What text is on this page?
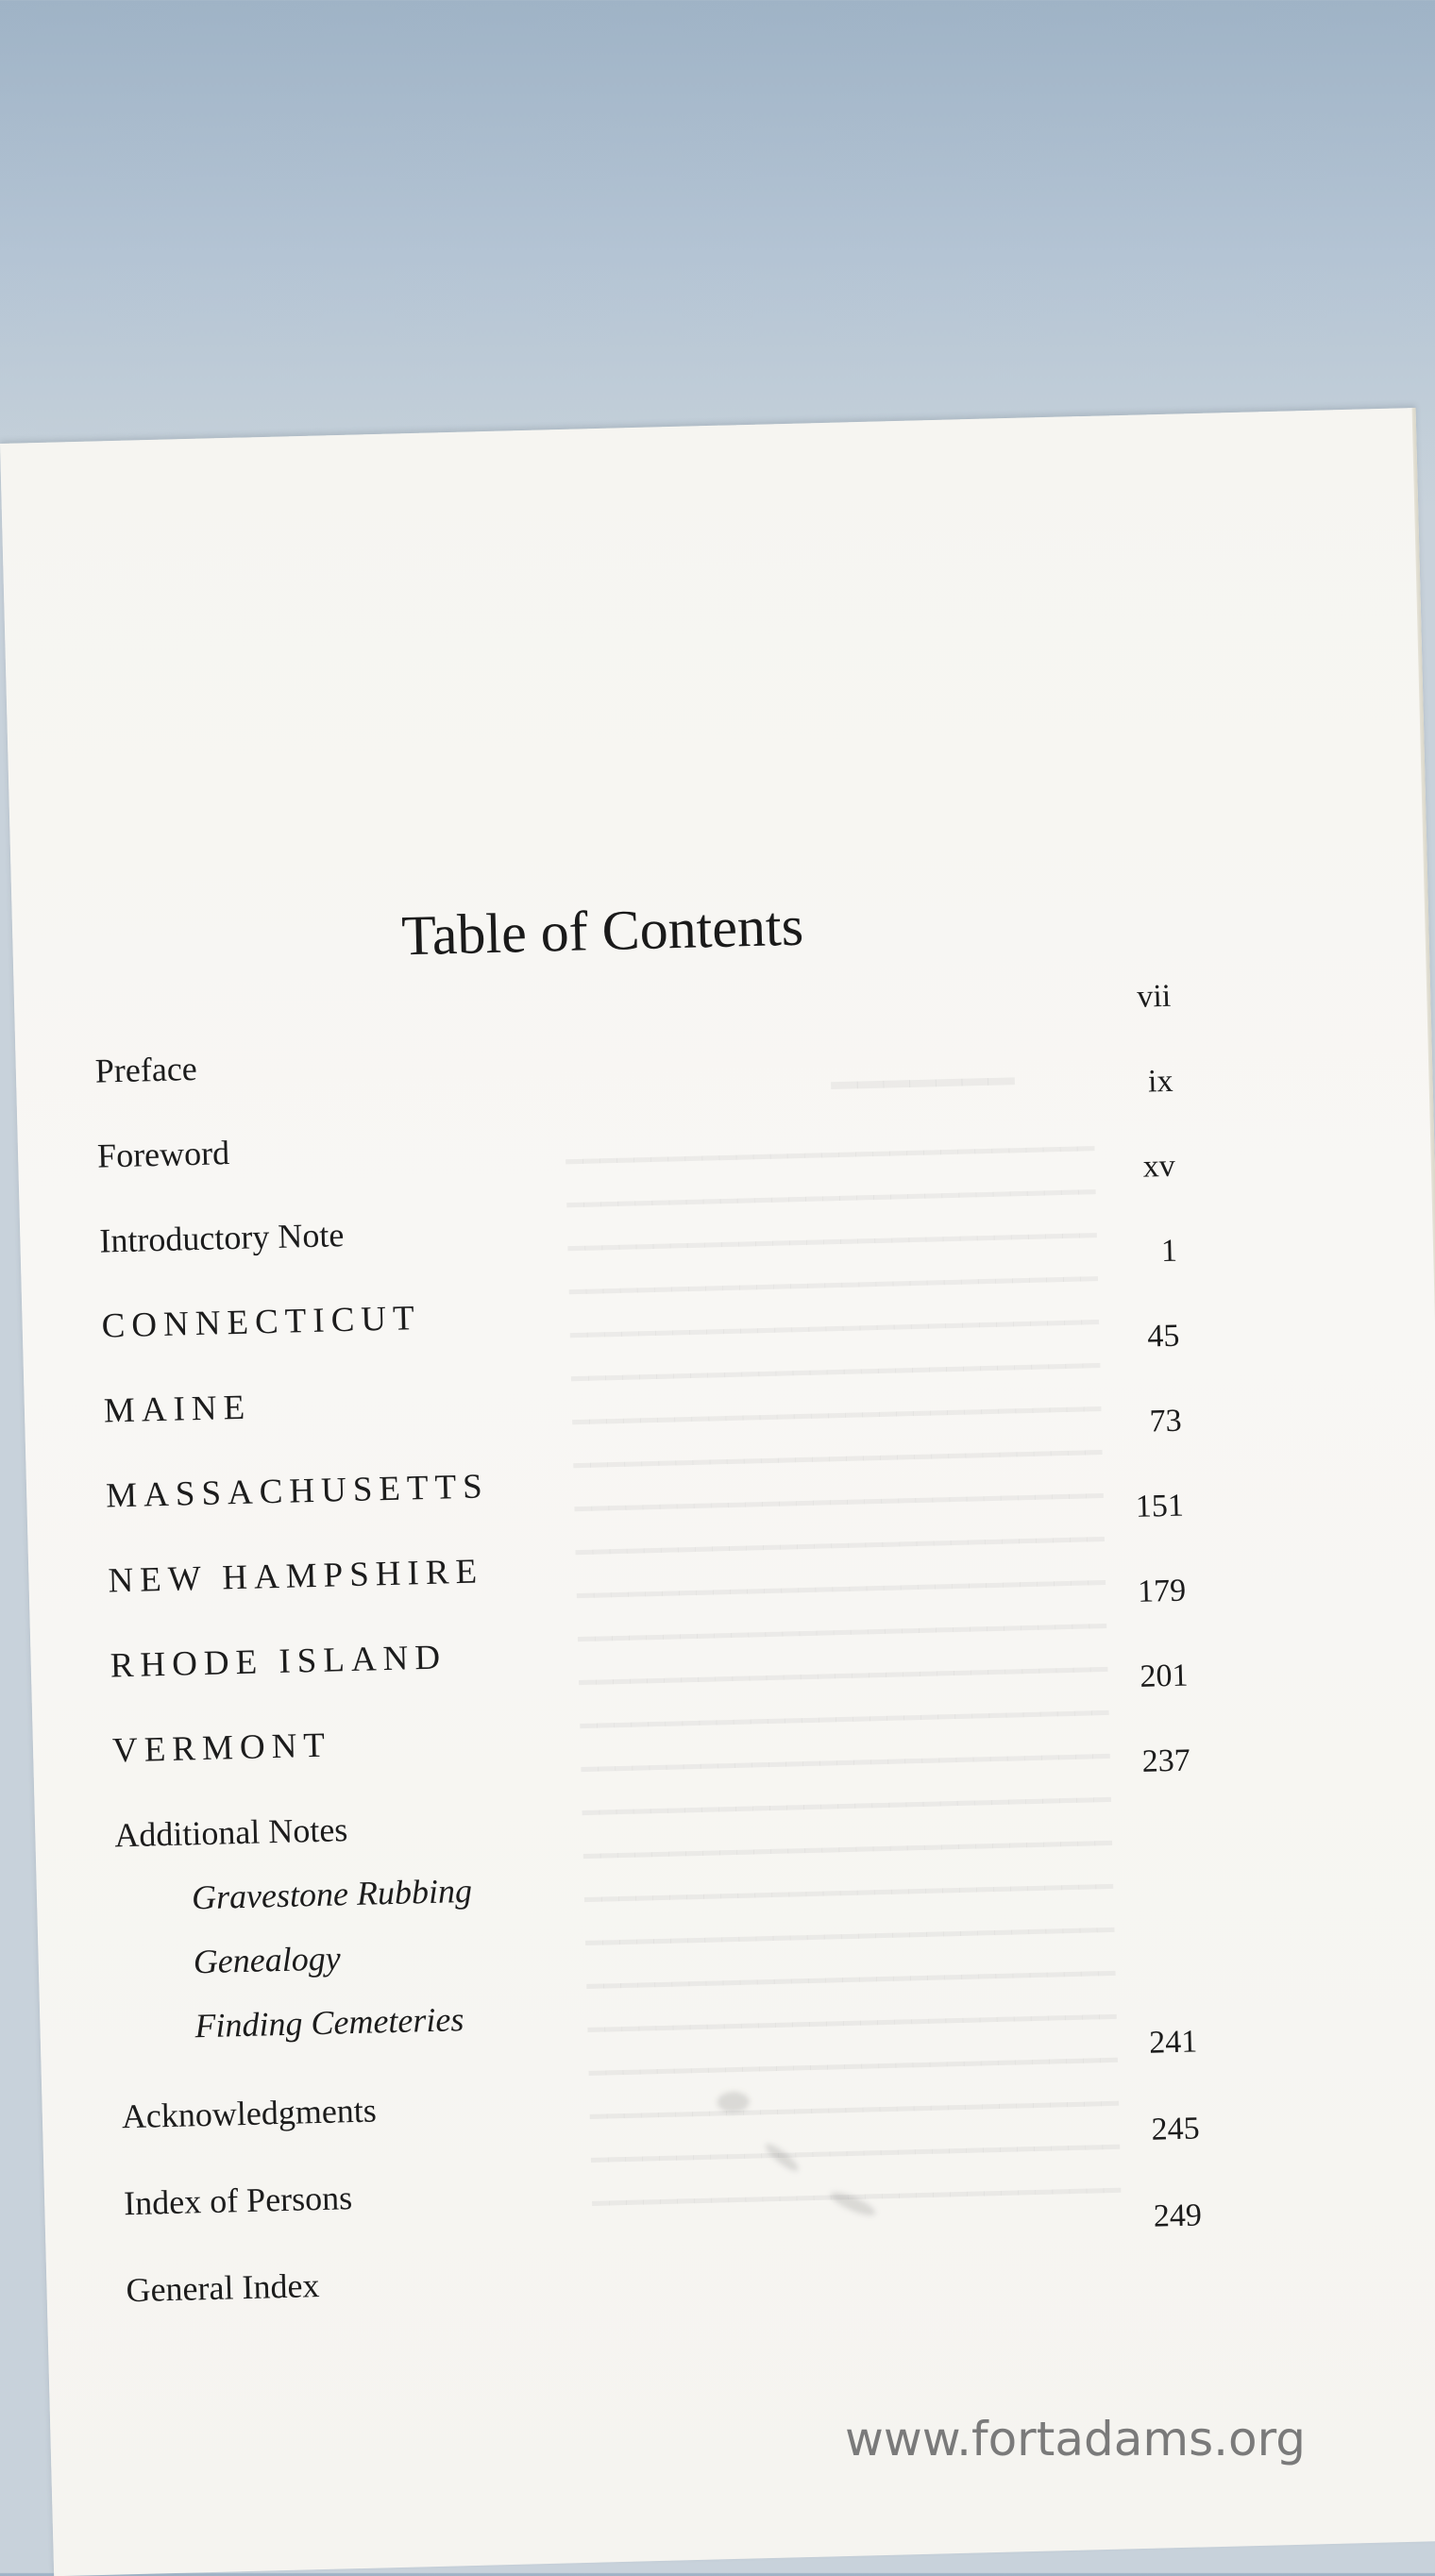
━━━━━━━
━━━━━━━━━━━━━━━━━━━━━━━━━━━━━━━
━━━━━━━━━━━━━━━━━━━━━━━━━━━━━━━
━━━━━━━━━━━━━━━━━━━━━━━━━━━━━━━
━━━━━━━━━━━━━━━━━━━━━━━━━━━━━━━
━━━━━━━━━━━━━━━━━━━━━━━━━━━━━━━
━━━━━━━━━━━━━━━━━━━━━━━━━━━━━━━
━━━━━━━━━━━━━━━━━━━━━━━━━━━━━━━
━━━━━━━━━━━━━━━━━━━━━━━━━━━━━━━
━━━━━━━━━━━━━━━━━━━━━━━━━━━━━━━
━━━━━━━━━━━━━━━━━━━━━━━━━━━━━━━
━━━━━━━━━━━━━━━━━━━━━━━━━━━━━━━
━━━━━━━━━━━━━━━━━━━━━━━━━━━━━━━
━━━━━━━━━━━━━━━━━━━━━━━━━━━━━━━
━━━━━━━━━━━━━━━━━━━━━━━━━━━━━━━
━━━━━━━━━━━━━━━━━━━━━━━━━━━━━━━
━━━━━━━━━━━━━━━━━━━━━━━━━━━━━━━
━━━━━━━━━━━━━━━━━━━━━━━━━━━━━━━
━━━━━━━━━━━━━━━━━━━━━━━━━━━━━━━
━━━━━━━━━━━━━━━━━━━━━━━━━━━━━━━
━━━━━━━━━━━━━━━━━━━━━━━━━━━━━━━
━━━━━━━━━━━━━━━━━━━━━━━━━━━━━━━
━━━━━━━━━━━━━━━━━━━━━━━━━━━━━━━
━━━━━━━━━━━━━━━━━━━━━━━━━━━━━━━
━━━━━━━━━━━━━━━━━━━━━━━━━━━━━━━
━━━━━━━━━━━━━━━━━━━━━━━━━━━━━━━
Table of Contents
Preface
vii
Foreword
ix
Introductory Note
xv
CONNECTICUT
1
MAINE
45
MASSACHUSETTS
73
NEW HAMPSHIRE
151
RHODE ISLAND
179
VERMONT
201
Additional Notes
237
Gravestone Rubbing
Genealogy
Finding Cemeteries
Acknowledgments
241
Index of Persons
245
General Index
249
www.fortadams.org
